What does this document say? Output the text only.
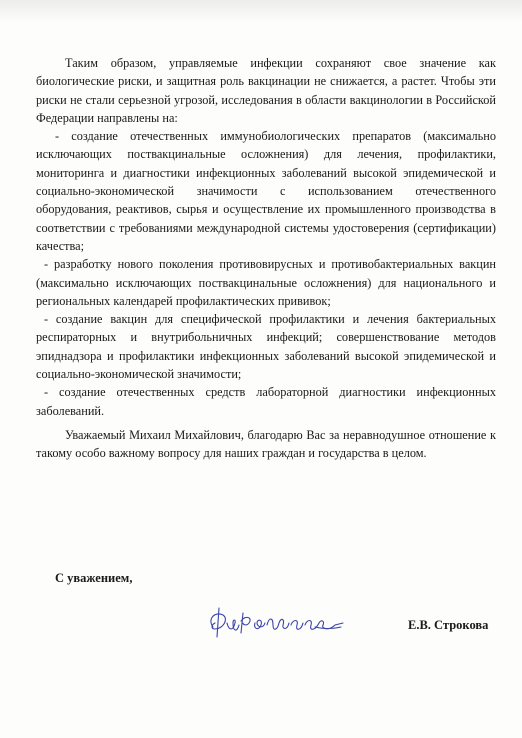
Таким образом, управляемые инфекции сохраняют свое значение как биологические риски, и защитная роль вакцинации не снижается, а растет. Чтобы эти риски не стали серьезной угрозой, исследования в области вакцинологии в Российской Федерации направлены на:

- создание отечественных иммунобиологических препаратов (максимально исключающих поствакцинальные осложнения) для лечения, профилактики, мониторинга и диагностики инфекционных заболеваний высокой эпидемической и социально-экономической значимости с использованием отечественного оборудования, реактивов, сырья и осуществление их промышленного производства в соответствии с требованиями международной системы удостоверения (сертификации) качества;

- разработку нового поколения противовирусных и противобактериальных вакцин (максимально исключающих поствакцинальные осложнения) для национального и региональных календарей профилактических прививок;

- создание вакцин для специфической профилактики и лечения бактериальных респираторных и внутрибольничных инфекций; совершенствование методов эпиднадзора и профилактики инфекционных заболеваний высокой эпидемической и социально-экономической значимости;

- создание отечественных средств лабораторной диагностики инфекционных заболеваний.

Уважаемый Михаил Михайлович, благодарю Вас за неравнодушное отношение к такому особо важному вопросу для наших граждан и государства в целом.

С уважением,
Е.В. Строкова
